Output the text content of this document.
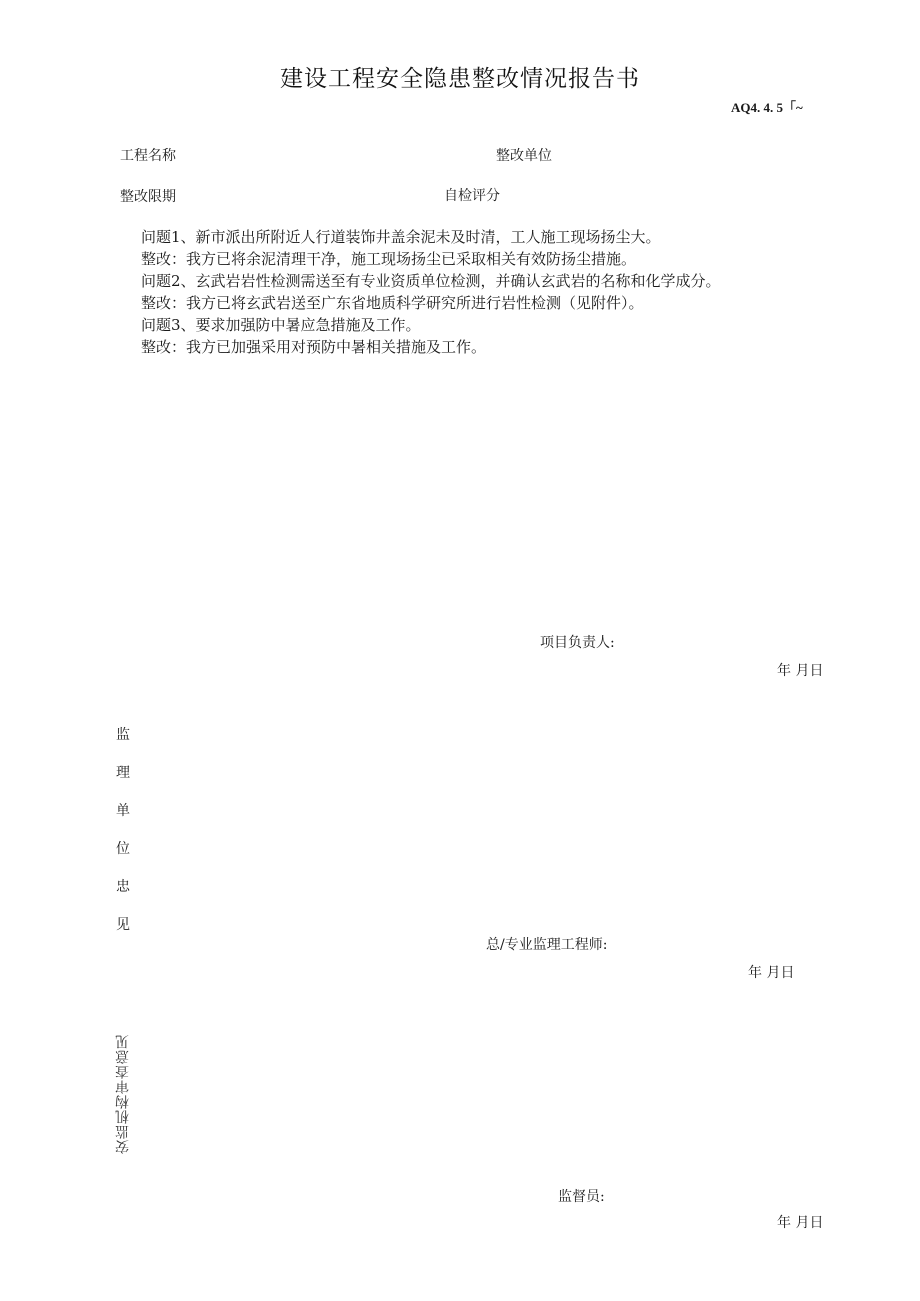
建设工程安全隐患整改情况报告书
AQ4. 4. 5「~
工程名称	整改单位
整改限期	自检评分
问题1、新市派出所附近人行道装饰井盖余泥未及时清，工人施工现场扬尘大。
整改：我方已将余泥清理干净，施工现场扬尘已采取相关有效防扬尘措施。
问题2、玄武岩岩性检测需送至有专业资质单位检测，并确认玄武岩的名称和化学成分。
整改：我方已将玄武岩送至广东省地质科学研究所进行岩性检测（见附件）。
问题3、要求加强防中暑应急措施及工作。
整改：我方已加强采用对预防中暑相关措施及工作。
项目负责人:
年 月日
监
理
单
位
忠
见
总/专业监理工程师:
年 月日
安监机构审查意见
监督员:
年 月日
